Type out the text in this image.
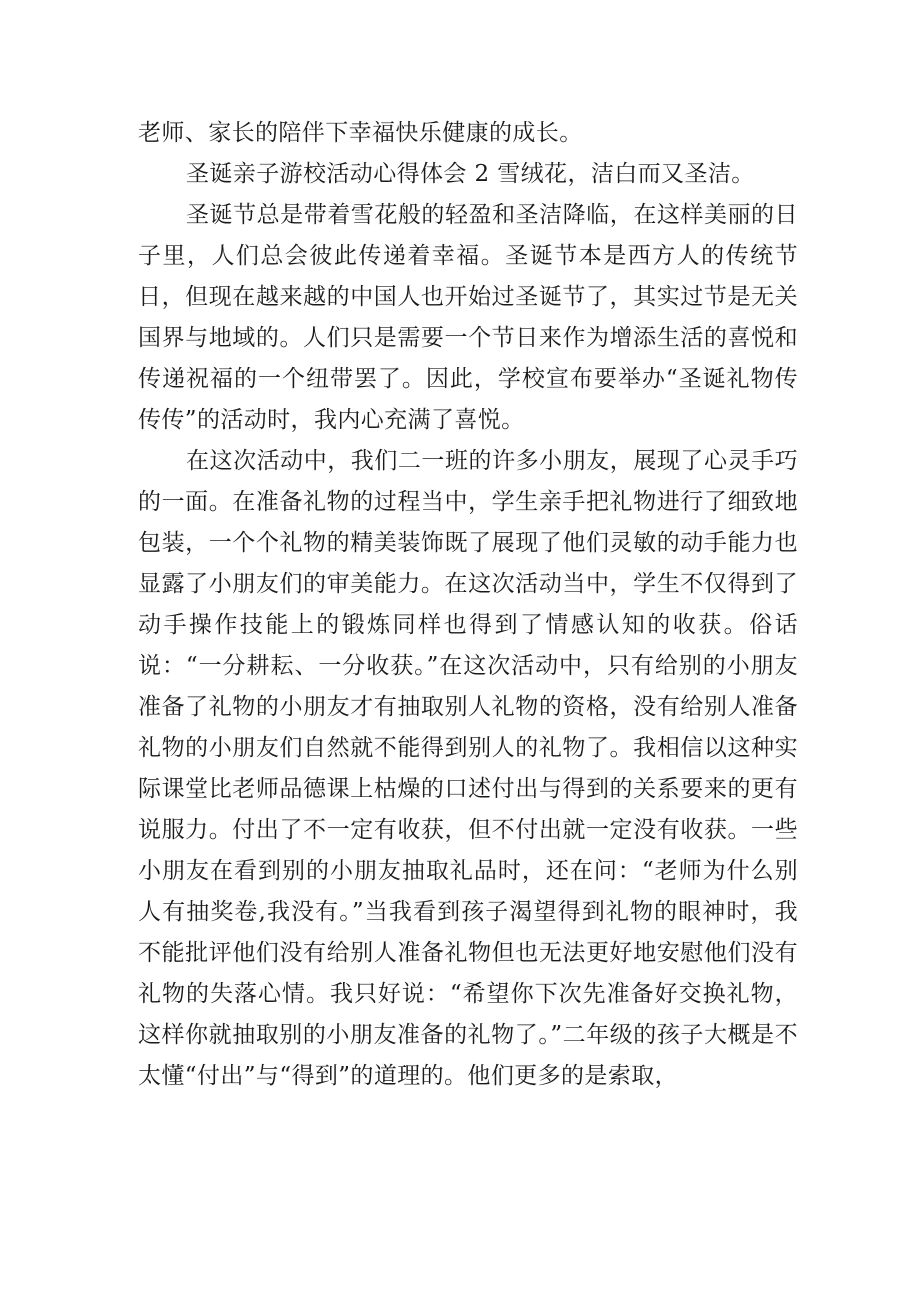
老师、家长的陪伴下幸福快乐健康的成长。

圣诞亲子游校活动心得体会 2 雪绒花，洁白而又圣洁。

圣诞节总是带着雪花般的轻盈和圣洁降临，在这样美丽的日子里，人们总会彼此传递着幸福。圣诞节本是西方人的传统节日，但现在越来越的中国人也开始过圣诞节了，其实过节是无关国界与地域的。人们只是需要一个节日来作为增添生活的喜悦和传递祝福的一个纽带罢了。因此，学校宣布要举办“圣诞礼物传传传”的活动时，我内心充满了喜悦。

在这次活动中，我们二一班的许多小朋友，展现了心灵手巧的一面。在准备礼物的过程当中，学生亲手把礼物进行了细致地包装，一个个礼物的精美装饰既了展现了他们灵敏的动手能力也显露了小朋友们的审美能力。在这次活动当中，学生不仅得到了动手操作技能上的锻炼同样也得到了情感认知的收获。俗话说：“一分耕耘、一分收获。”在这次活动中，只有给别的小朋友准备了礼物的小朋友才有抽取别人礼物的资格，没有给别人准备礼物的小朋友们自然就不能得到别人的礼物了。我相信以这种实际课堂比老师品德课上枯燥的口述付出与得到的关系要来的更有说服力。付出了不一定有收获，但不付出就一定没有收获。一些小朋友在看到别的小朋友抽取礼品时，还在问：“老师为什么别人有抽奖卷,我没有。”当我看到孩子渴望得到礼物的眼神时，我不能批评他们没有给别人准备礼物但也无法更好地安慰他们没有礼物的失落心情。我只好说：“希望你下次先准备好交换礼物，这样你就抽取别的小朋友准备的礼物了。”二年级的孩子大概是不太懂“付出”与“得到”的道理的。他们更多的是索取，
